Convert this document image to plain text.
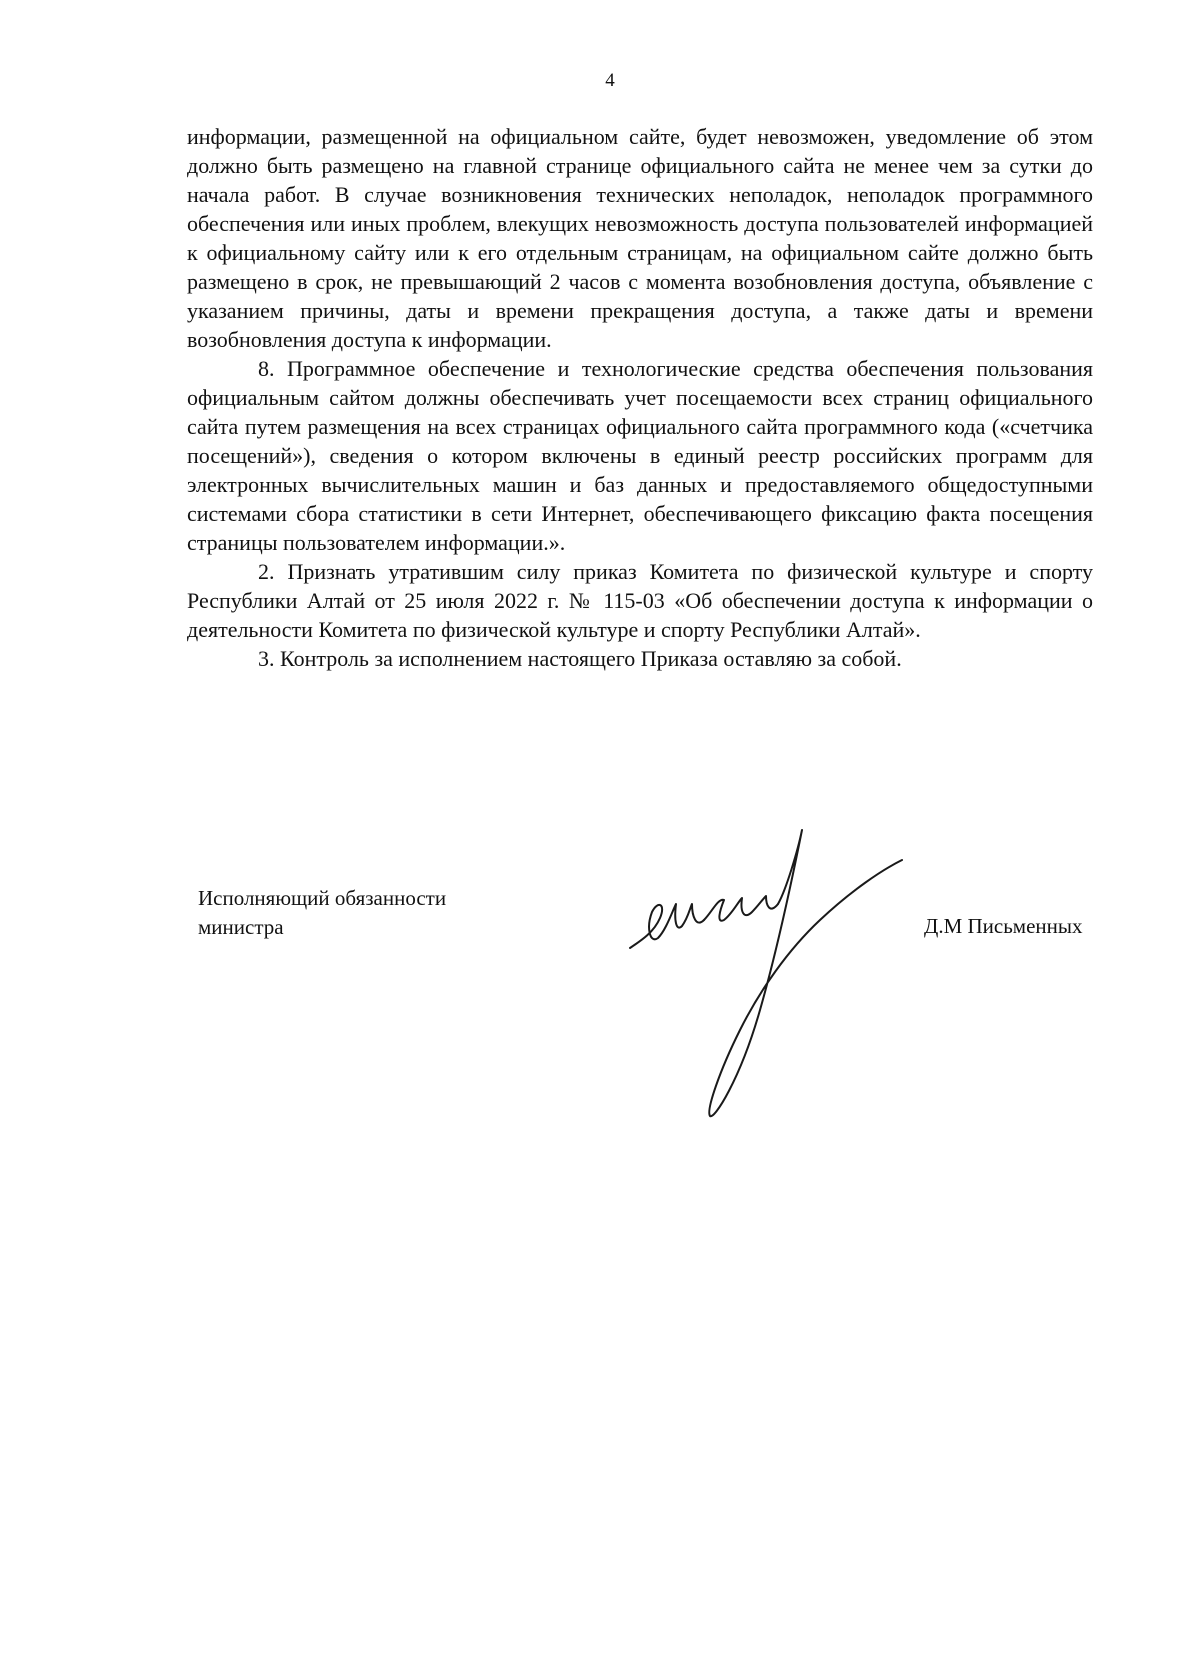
4

информации, размещенной на официальном сайте, будет невозможен, уведомление об этом должно быть размещено на главной странице официального сайта не менее чем за сутки до начала работ. В случае возникновения технических неполадок, неполадок программного обеспечения или иных проблем, влекущих невозможность доступа пользователей информацией к официальному сайту или к его отдельным страницам, на официальном сайте должно быть размещено в срок, не превышающий 2 часов с момента возобновления доступа, объявление с указанием причины, даты и времени прекращения доступа, а также даты и времени возобновления доступа к информации.

8. Программное обеспечение и технологические средства обеспечения пользования официальным сайтом должны обеспечивать учет посещаемости всех страниц официального сайта путем размещения на всех страницах официального сайта программного кода («счетчика посещений»), сведения о котором включены в единый реестр российских программ для электронных вычислительных машин и баз данных и предоставляемого общедоступными системами сбора статистики в сети Интернет, обеспечивающего фиксацию факта посещения страницы пользователем информации.».

2. Признать утратившим силу приказ Комитета по физической культуре и спорту Республики Алтай от 25 июля 2022 г. № 115-03 «Об обеспечении доступа к информации о деятельности Комитета по физической культуре и спорту Республики Алтай».

3. Контроль за исполнением настоящего Приказа оставляю за собой.

Исполняющий обязанности
министра	Д.М Письменных
